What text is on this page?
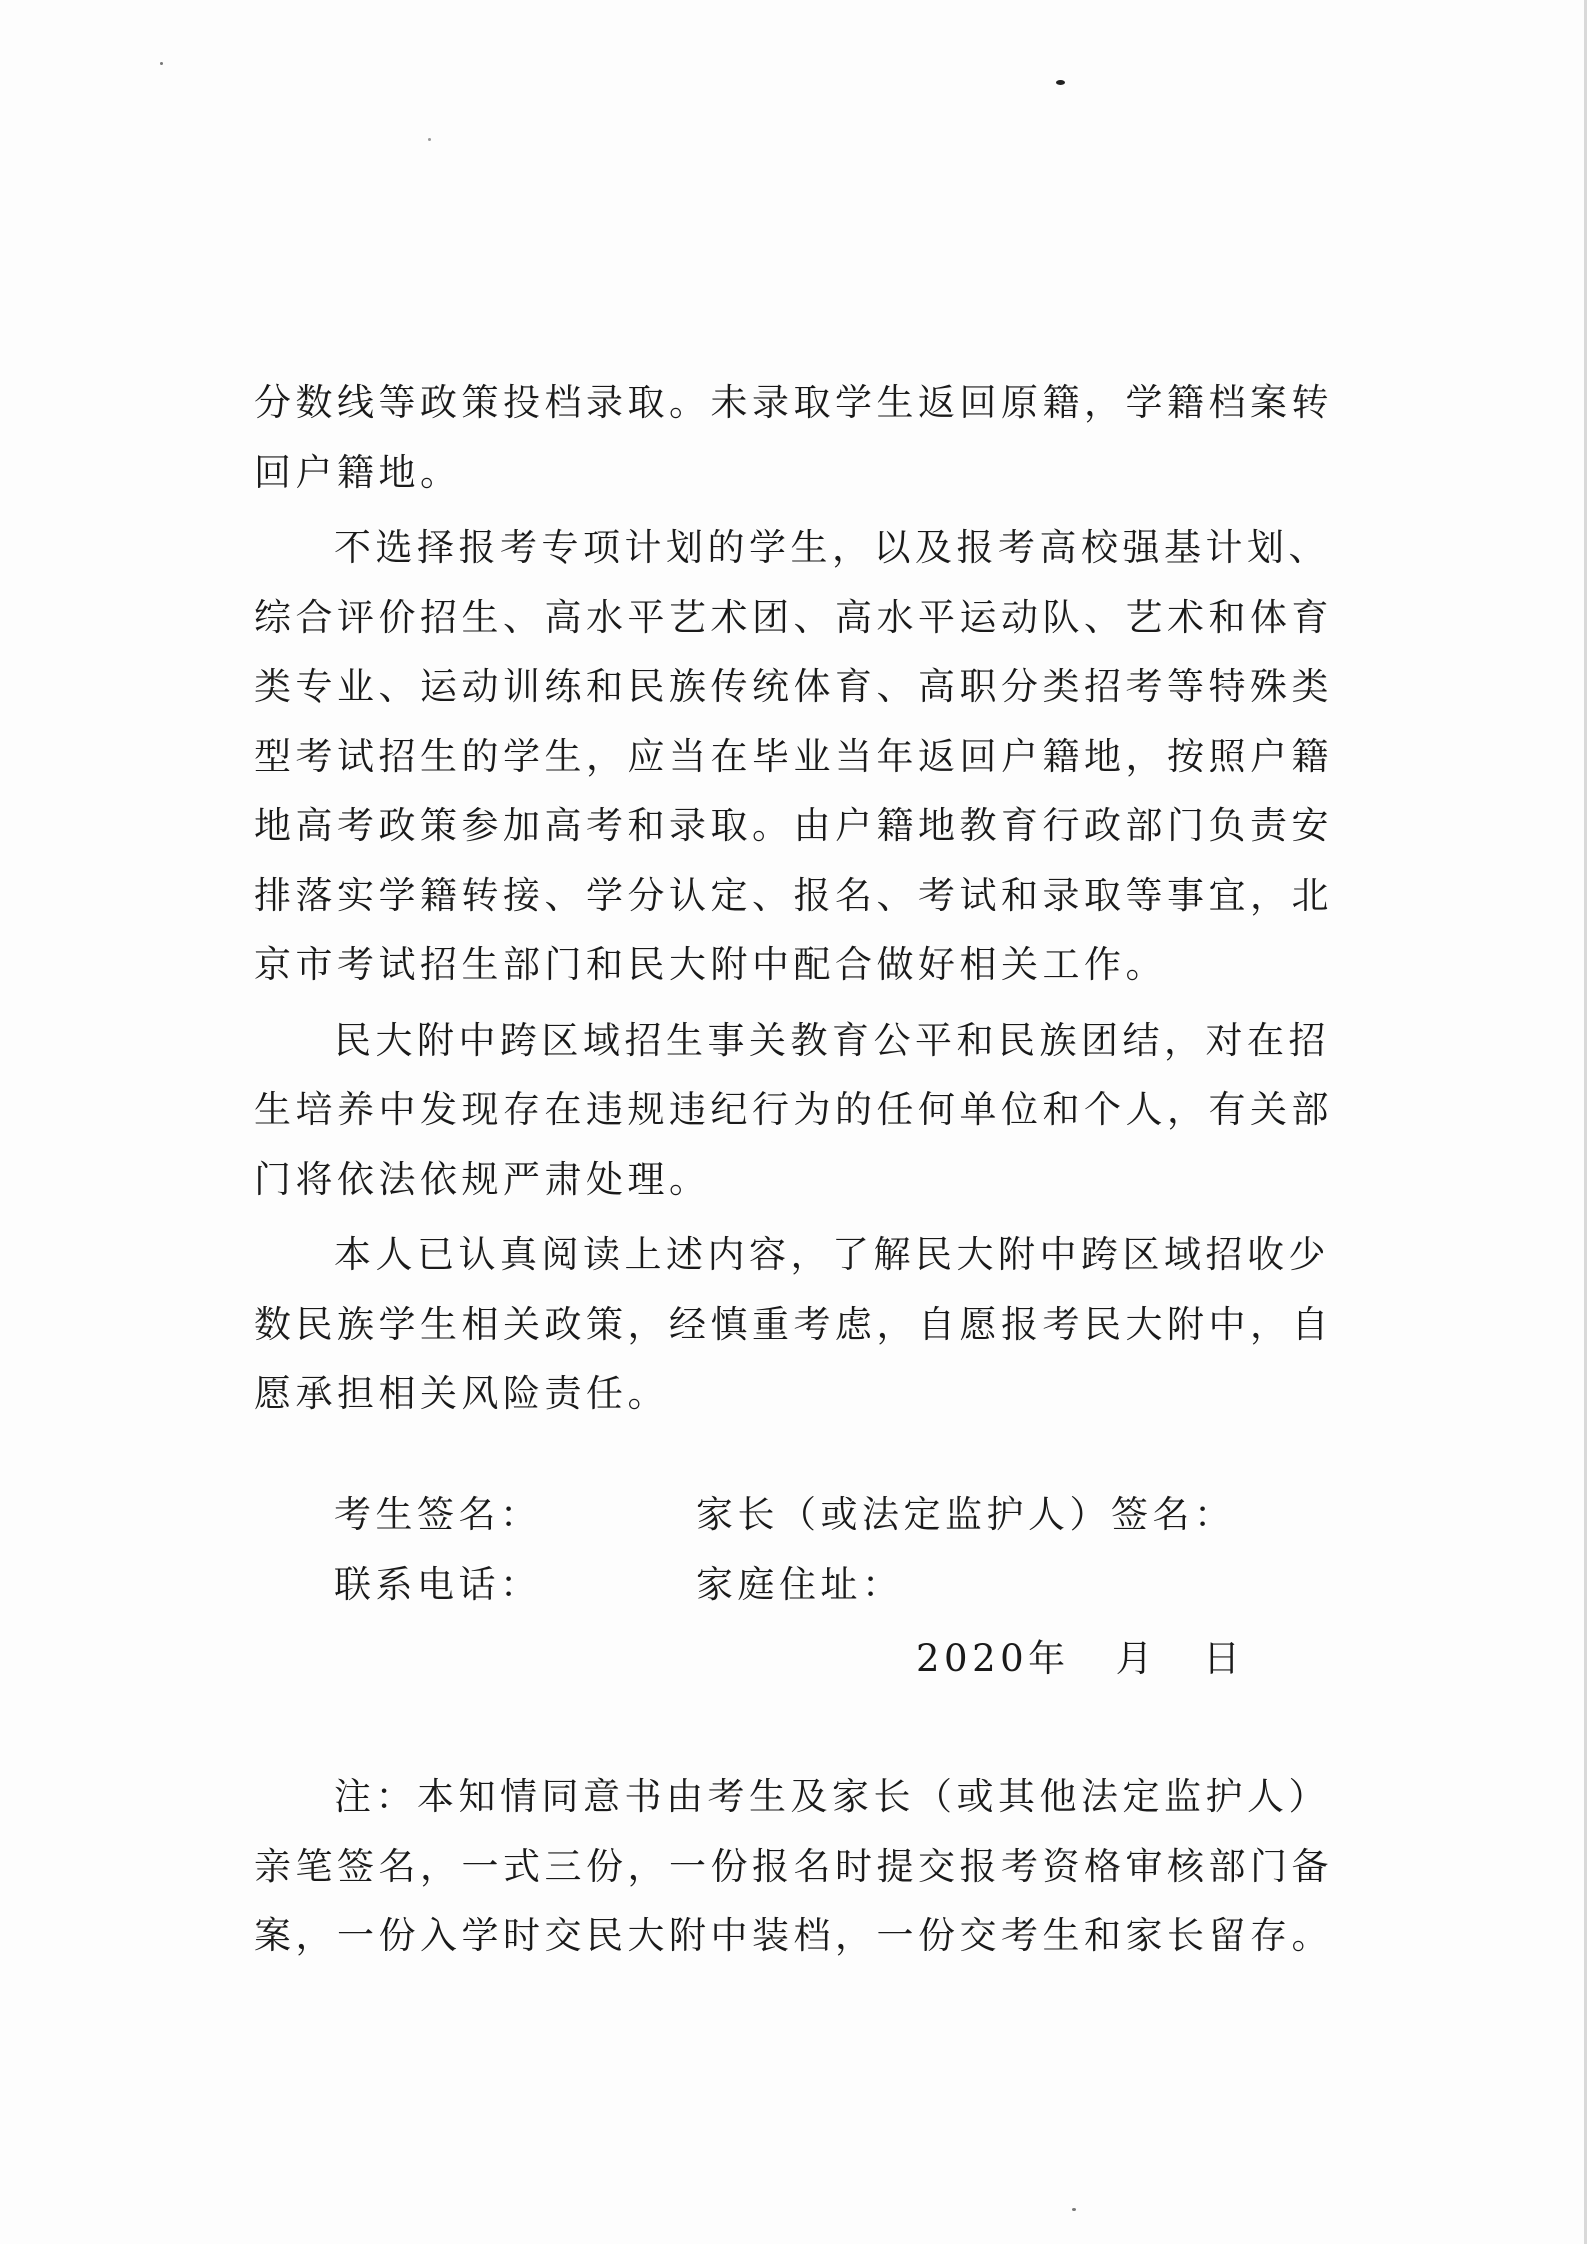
分数线等政策投档录取。未录取学生返回原籍，学籍档案转回户籍地。

不选择报考专项计划的学生，以及报考高校强基计划、综合评价招生、高水平艺术团、高水平运动队、艺术和体育类专业、运动训练和民族传统体育、高职分类招考等特殊类型考试招生的学生，应当在毕业当年返回户籍地，按照户籍地高考政策参加高考和录取。由户籍地教育行政部门负责安排落实学籍转接、学分认定、报名、考试和录取等事宜，北京市考试招生部门和民大附中配合做好相关工作。

民大附中跨区域招生事关教育公平和民族团结，对在招生培养中发现存在违规违纪行为的任何单位和个人，有关部门将依法依规严肃处理。

本人已认真阅读上述内容，了解民大附中跨区域招收少数民族学生相关政策，经慎重考虑，自愿报考民大附中，自愿承担相关风险责任。

考生签名：	家长（或法定监护人）签名：
联系电话：	家庭住址：
2020年 月 日

注：本知情同意书由考生及家长（或其他法定监护人）亲笔签名，一式三份，一份报名时提交报考资格审核部门备案，一份入学时交民大附中装档，一份交考生和家长留存。
